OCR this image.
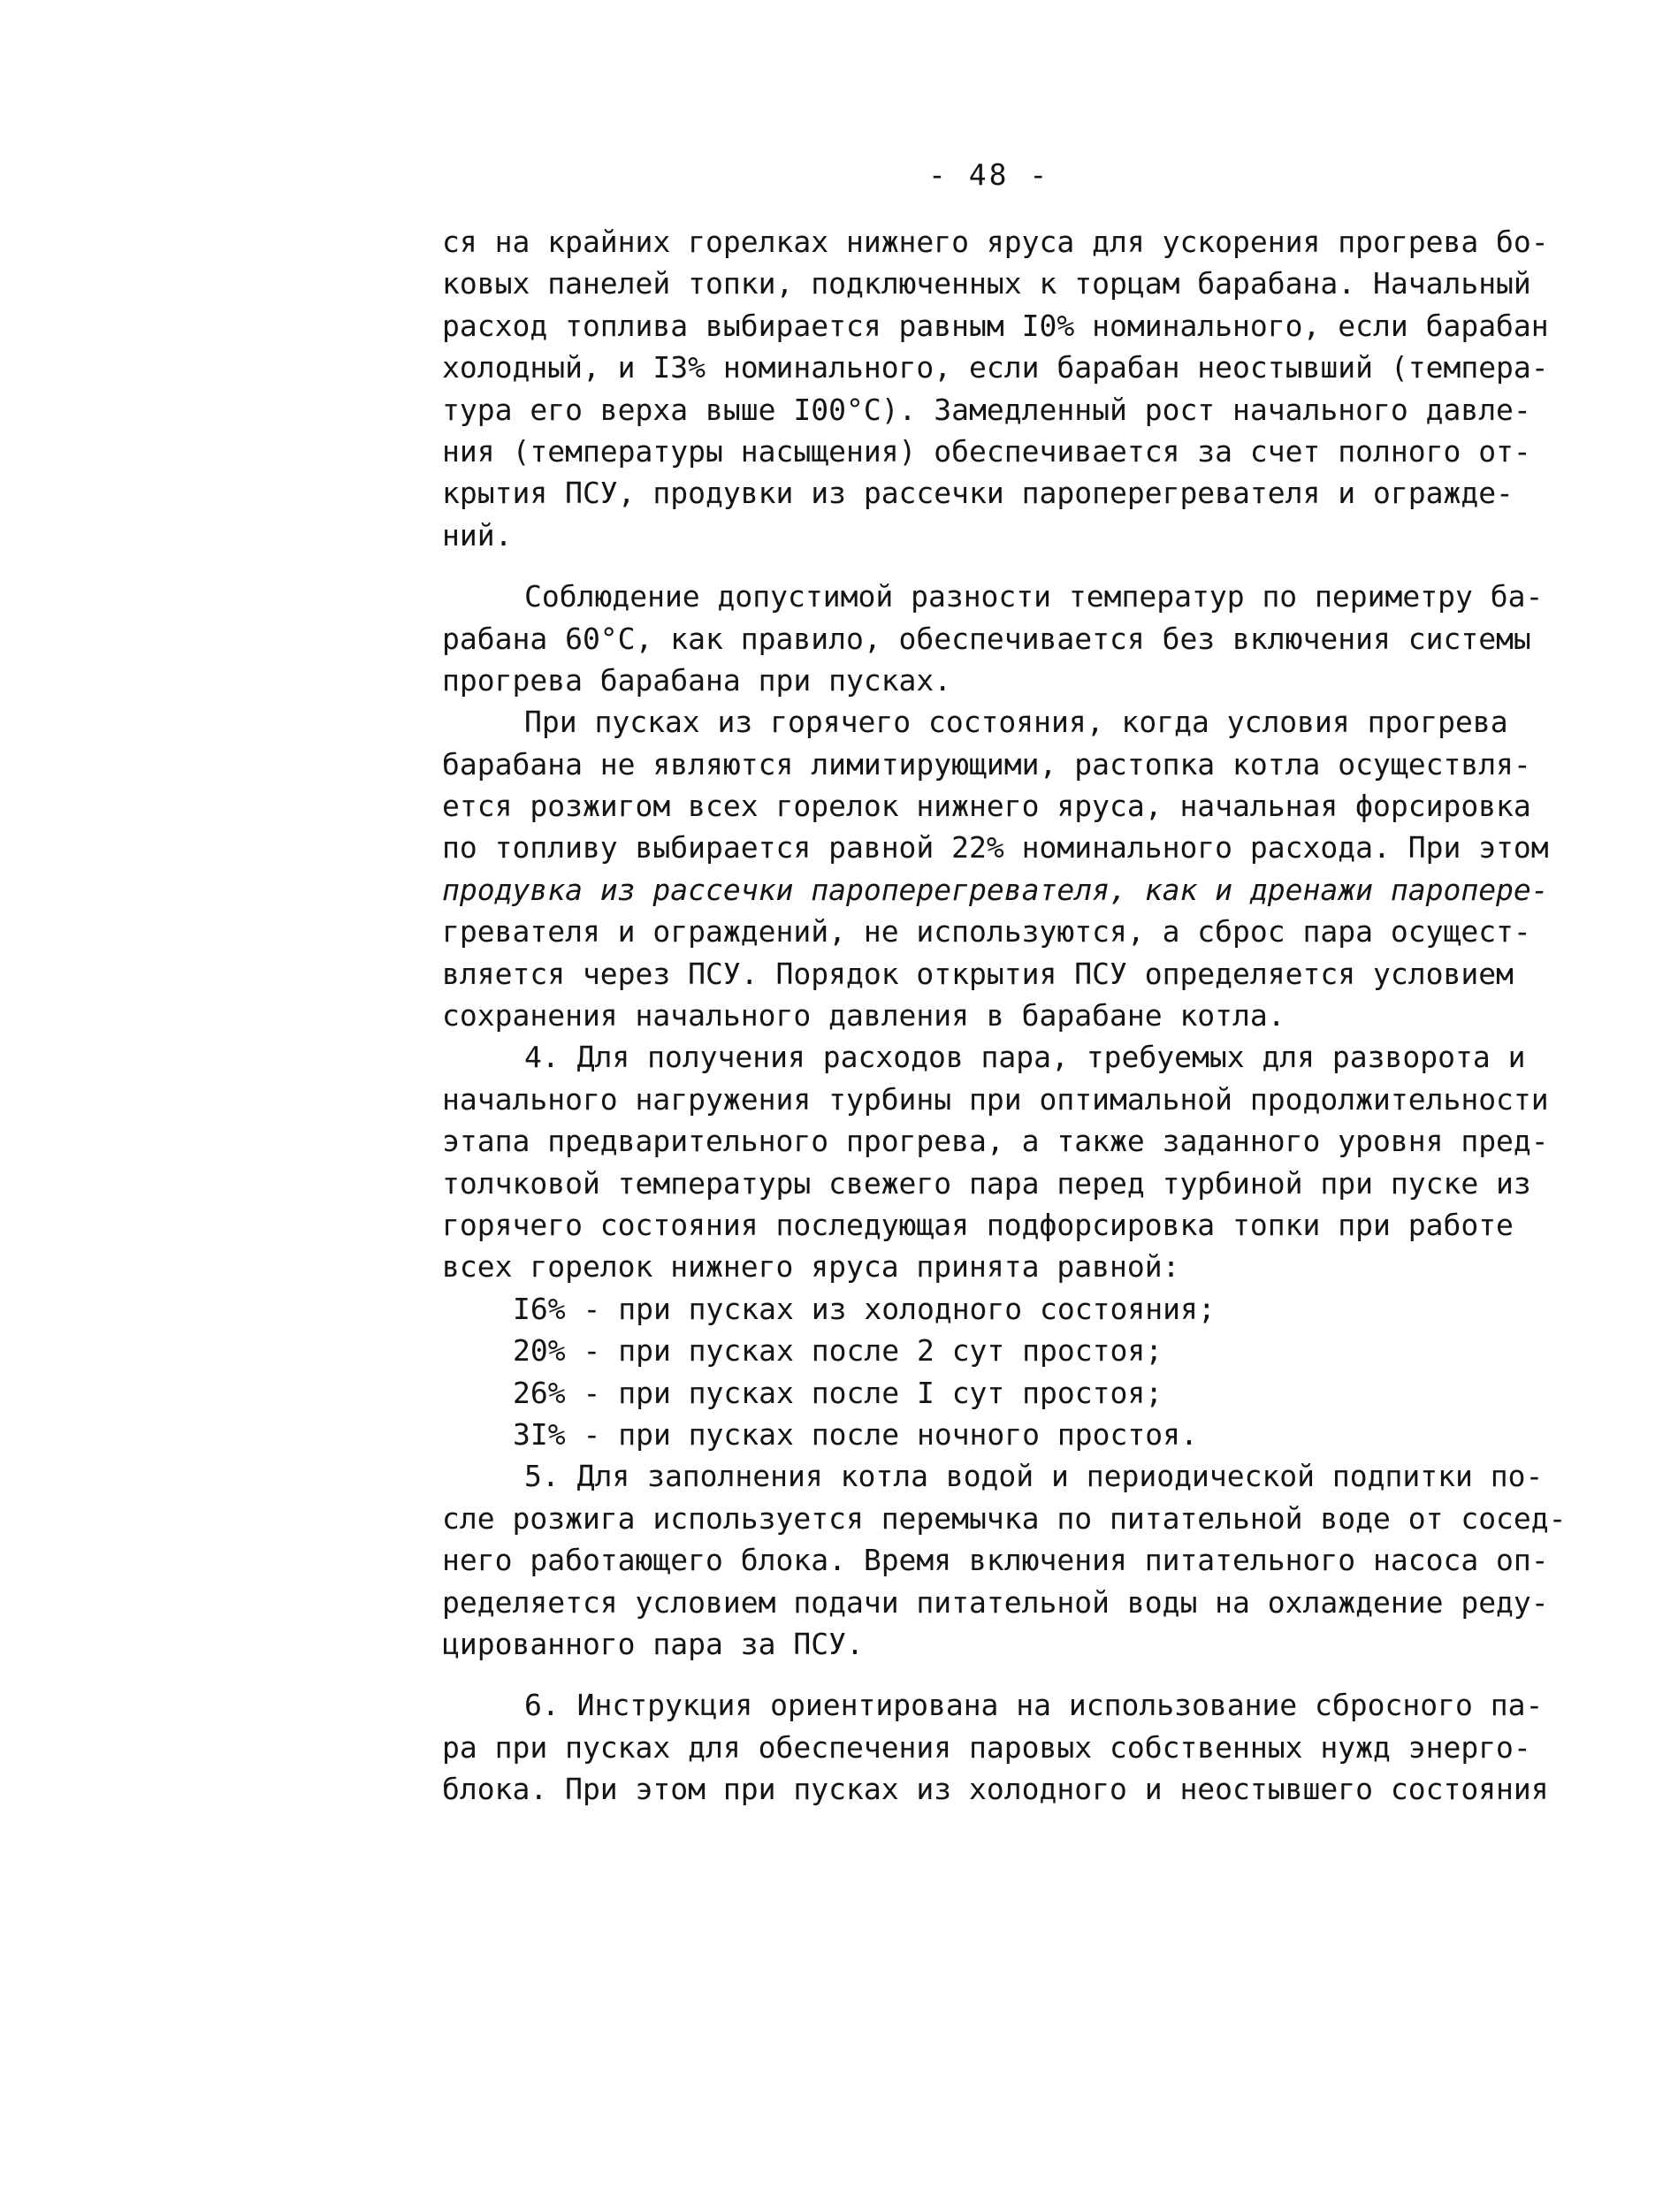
- 48 -
ся на крайних горелках нижнего яруса для ускорения прогрева бо-
ковых панелей топки, подключенных к торцам барабана. Начальный
расход топлива выбирается равным I0% номинального, если барабан
холодный, и I3% номинального, если барабан неостывший (темпера-
тура его верха выше I00°C). Замедленный рост начального давле-
ния (температуры насыщения) обеспечивается за счет полного от-
крытия ПСУ, продувки из рассечки пароперегревателя и огражде-
ний.
Соблюдение допустимой разности температур по периметру ба-
рабана 60°C, как правило, обеспечивается без включения системы
прогрева барабана при пусках.
При пусках из горячего состояния, когда условия прогрева
барабана не являются лимитирующими, растопка котла осуществля-
ется розжигом всех горелок нижнего яруса, начальная форсировка
по топливу выбирается равной 22% номинального расхода. При этом
продувка из рассечки пароперегревателя, как и дренажи паропере-
гревателя и ограждений, не используются, а сброс пара осущест-
вляется через ПСУ. Порядок открытия ПСУ определяется условием
сохранения начального давления в барабане котла.
4. Для получения расходов пара, требуемых для разворота и
начального нагружения турбины при оптимальной продолжительности
этапа предварительного прогрева, а также заданного уровня пред-
толчковой температуры свежего пара перед турбиной при пуске из
горячего состояния последующая подфорсировка топки при работе
всех горелок нижнего яруса принята равной:
I6% - при пусках из холодного состояния;
20% - при пусках после 2 сут простоя;
26% - при пусках после I сут простоя;
3I% - при пусках после ночного простоя.
5. Для заполнения котла водой и периодической подпитки по-
сле розжига используется перемычка по питательной воде от сосед-
него работающего блока. Время включения питательного насоса оп-
ределяется условием подачи питательной воды на охлаждение реду-
цированного пара за ПСУ.
6. Инструкция ориентирована на использование сбросного па-
ра при пусках для обеспечения паровых собственных нужд энерго-
блока. При этом при пусках из холодного и неостывшего состояния
